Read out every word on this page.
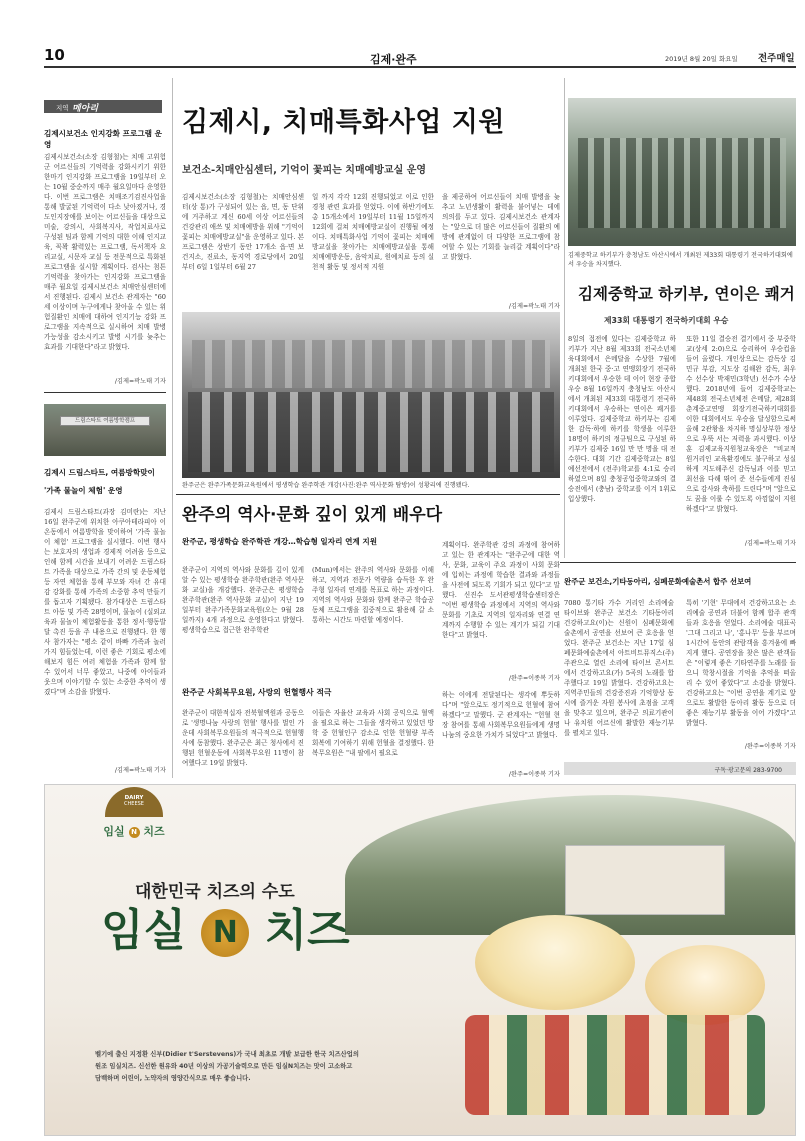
10	김제·완주	2019년 8월 20일 화요일 전주매일
지역 메아리
김제시보건소 인지강화 프로그램 운영
김제시보건소(소장 김형철)는 치매 고위험군 어르신들의 기억력을 강화시키기 위한 한마기 인지강화 프로그램을 19일부터 오는 10월 중순까지 매주 월요일마다 운영한다. 이번 프로그램은 치매조기검진사업을 통해 발굴된 기억력이 다소 낮아졌거나, 경도인지장애를 보이는 어르신들을 대상으로 미술, 강의시, 사회복지사, 작업치료사로 구성된 팀과 함께 기억의 대한 이해 인지교육, 꼭꽉 활력있는 프로그램, 독서책자 요리교실, 시문자 교실 등 전문적으로 특화된 프로그램을 실시할 계획이다. 검사는 첨튼 기억력을 찾아가는 인지강화 프로그램을 매주 월요일 김제시보건소 치매안심센터에서 진행된다. 김제시 보건소 관계자는 "60세 이상이며 누구에게나 찾아올 수 있는 위험질환인 치매에 대하여 인지기능 강화 프로그램을 지속적으로 실시하여 치매 발병 가능성을 감소시키고 발병 시기를 늦추는 효과를 기대한다"라고 밝혔다.
/김제=곽노태 기자
드림스타트 여름방학캠프
김제시 드림스타트, 여름방학맞이
'가족 물놀이 체험' 운영
김제시 드림스타트(과장 김미란)는 지난 16일 완주군에 위치한 아쿠아테라피아 이온동에서 여름방학을 맞이하여 '가족 물놀이 체험' 프로그램을 실시했다. 이번 행사는 보호자의 생업과 경제적 어려움 등으로 인해 함께 시간을 보내기 어려운 드림스타트 가족을 대상으로 가족 간의 및 운동체험 등 자연 체험을 통해 부모와 자녀 간 유대감 강화를 통해 가족의 소중함 추억 만들기를 돕고자 기획됐다. 참가대상은 드림스타트 아동 및 가족 28명이며, 물놀이 (실외교육과 물놀이 체험활동을 통한 정서·행동발달 촉진 등을 주 내용으로 진행됐다. 한 행사 참가자는 "평소 같이 바빠 가족과 놀러가지 힘들었는데, 이런 좋은 기회로 평소에 해보지 힘든 여러 체험을 가족과 함께 할 수 있어서 너무 좋았고, 나중에 아이들과 웃으며 이야기할 수 있는 소중한 추억이 생겼다"며 소감을 밝혔다.
/김제=곽노태 기자
김제시, 치매특화사업 지원
보건소-치매안심센터, 기억이 꽃피는 치매예방교실 운영
김제시보건소(소장 김형철)는 치매안심센터(상 통)가 구성되어 있는 읍, 면, 동 단위에 거주하고 계신 60세 이상 어르신들의 건강관리 애쓰 및 치매예방을 위해 "기억이 꽃피는 치매예방교실"을 운영하고 있다. 본 프로그램은 상반기 동안 17개소 읍·면 보건지소, 진료소, 동지역 경로당에서 20일부터 6일 1일부터 6월 27
일 까지 각각 12회 진행되었고 이로 인한 경청 관련 효과를 얻었다. 이에 하반기에도 총 15개소에서 19일부터 11월 15일까지 12회에 걸쳐 치매예방교실이 진행될 예정이다. 치매특화사업 기억이 꽃피는 치매예방교실을 찾아가는 치매예방교실을 통해 치매예방운동, 음악치료, 원예치료 등의 실천적 활동 및 정서적 지원
을 제공하여 어르신들이 치매 발병을 늦추고 노년생활이 활력을 불어넣는 데에 의의를 두고 있다. 김제시보건소 관계자는 "앞으로 더 많은 어르신들이 질환의 예방에 관계없이 더 다양한 프로그램에 참여할 수 있는 기회를 늘리갈 계획이다"라고 밝혔다.
/김제=곽노태 기자
완주군은 완주가족문화교육원에서 평생학습 완주학관 개강(사진:완주 역사문화 탐방)이 성황리에 진행됐다.
김제중학교 하키부가 충청남도 아산시에서 개최된 제33회 대통령기 전국하키대회에서 우승을 차지했다.
김제중학교 하키부, 연이은 쾌거
제33회 대통령기 전국하키대회 우승
8일의 접전에 있다는 김제중학교 하키부가 지난 8월 제33회 전국소년체육대회에서 은메달을 수상한 7월에 개최된 한국 중·고 연맹회장기 전국하키대회에서 우승한 데 이어 현장 종합우승 8월 16일까지 충청남도 아산시에서 개최된 제33회 대통령기 전국하키대회에서 우승하는 연이은 쾌거를 이루었다. 김제중학교 하키부는 김제한 감독·하에 하키를 학생을 이루한 18명이 하키의 정규팀으로 구성된 하키부가 김제중 16일 만 만 명을 대 전수한다. 대회 기간 김제중학교는 8일 예선전에서 (전주)학교를 4:1로 승리하였으며 8일 충청공업중학교와의 결승전에서 (충남) 중학교를 이겨 1위로 입상했다.
또한 11일 결승전 결기에서 중 부중학교(상세 2:0)으로 승리하여 우승컵을 들어 올렸다. 개인상으로는 감독상 김민규 부감, 지도상 김해완 감독, 최우수 선수상 박재민(3학년) 선수가 수상했다. 2018년에 들어 김제중학교는 제48회 전국소년체전 은메달, 제28회 춘계중고연맹 회장기전국하키대회를 이한 대회에서도 우승을 달성함으로써 올해 2관왕을 차지하 명실상부한 정상으로 우뚝 서는 저력을 과시했다. 이상훈 김제교육지원청교육장은 "비교적 원거리인 교육환경에도 불구하고 성실하게 지도해주신 감독님과 이를 믿고 최선을 다해 뛰어 준 선수들에게 진심으로 감사와 축하를 드린다"며 "앞으로도 꿈을 이룰 수 있도록 아낌없이 지원하겠다"고 밝혔다.
/김제=곽노태 기자
완주의 역사·문화 깊이 있게 배우다
완주군, 평생학습 완주학관 개강…학습형 일자리 연계 지원
완주군이 지역의 역사와 문화를 깊이 있게 알 수 있는 평생학습 완주학관(완주 역사문화 교실)을 개강했다. 완주군은 평생학습 완주학관(완주 역사문화 교실)이 지난 19일부터 완주가족문화교육원(오는 9월 28일까지) 4개 과정으로 운영한다고 밝혔다. 평생학습으로 접근한 완주학관
(Mun)에서는 완주의 역사와 문화를 이해하고, 지역과 전문가 역량을 습득한 후 완주형 일자리 연계를 목표로 하는 과정이다. 지역의 역사와 문화와 함께 완주군 학습공동체 프로그램을 집중적으로 활용해 갈 소통하는 시간도 마련할 예정이다.
계획이다. 완주학관 강의 과정에 참여하고 있는 한 관계자는 "완주군에 대한 역사, 문화, 교육이 주요 과정이 사회 문화에 입히는 과정에 학습한 결과와 과정들을 사전에 되도록 기회가 되고 있다"고 말했다. 신진수 도서관평생학습센터장은 "이번 평생학습 과정에서 지역의 역사와 문화를 기초로 지역의 일자리와 연결 연계까지 수행할 수 있는 계기가 되길 기대한다"고 밝혔다.
/완주=이종복 기자
완주군 사회복무요원, 사랑의 헌혈행사 적극
완주군이 대한적십자 전북혈액원과 공동으로 '생명나눔 사랑의 헌혈' 행사를 벌인 가운데 사회복무요원들의 적극적으로 헌혈행사에 동참했다. 완주군은 최근 청사에서 진행된 헌혈운동에 사회복무요원 11명이 참여했다고 19일 밝혔다.
이들은 자율산 교육과 사회 공익으로 혈액을 필요로 하는 그들을 생각하고 있었던 방학 중 헌혈인구 감소로 인한 헌혈량 부족 회복에 기여하기 위해 헌혈을 결정했다. 한 복무요원은 "내 팔에서 필요로
하는 이에게 전달된다는 생각에 뿌듯하다"며 "앞으로도 정기적으로 헌혈에 참여하겠다"고 말했다. 군 관계자는 "헌혈 현장 참여를 통해 사회복무요원들에게 생명 나눔의 중요한 가치가 되었다"고 밝혔다.
/완주=이종복 기자
완주군 보건소,기타동아리, 심폐문화예술촌서 합주 선보여
7080 통기타 가수 거리인 소리예술 타이브와 완주군 보건소 기타동아리 건강하고요(이)는 신원이 심폐문화예술촌에서 공연을 선보여 큰 호응을 얻었다. 완주군 보건소는 지난 17일 심폐문화예술촌에서 아트비트뮤직스(주) 주관으로 열린 소리예 타이브 콘서트에서 건강하고요(가) 5곡의 노래를 합주했다고 19일 밝혔다. 건강하고요는 지역주민들의 건강증진과 기억향상 동시에 즐거운 자원 봉사에 초점을 고객을 맞추고 있으며, 완주군 의료기관이나 유치원 어르신에 활발한 재능기부를 펼치고 있다.
특히 '기현' 무대에서 건강하고요는 소리예술 공연과 더불어 함께 합주 관객들과 호응을 얻었다. 소리예술 대표곡 '그대 그리고 나', '홍나무' 등을 부르며 1시간여 동안의 관람객을 흥겨움에 빠지게 했다. 공연장을 찾은 많은 관객들은 "이렇게 좋은 기타연주를 노래를 들으니 학창시절을 기억을 추억을 떠올리 수 있어 좋았다"고 소감을 밝혔다. 건강하고요는 "이번 공연을 계기로 앞으로도 활발한 동아리 활동 등으로 더 좋은 재능기부 활동을 이어 가겠다"고 밝혔다.
/완주=이종복 기자
구독·광고문의 283-9700
DAIRY
CHEESE
임실 N 치즈
대한민국 치즈의 수도
임실 N 치즈
벨기에 출신 지정환 신부(Didier t'Serstevens)가 국내 최초로 개발 보급한 한국 치즈산업의
원조 임실치즈. 신선한 원유와 40년 이상의 가공기술력으로 만든 임실N치즈는 맛이 고소하고
담백하며 어린이, 노약자의 영양간식으로 매우 좋습니다.
